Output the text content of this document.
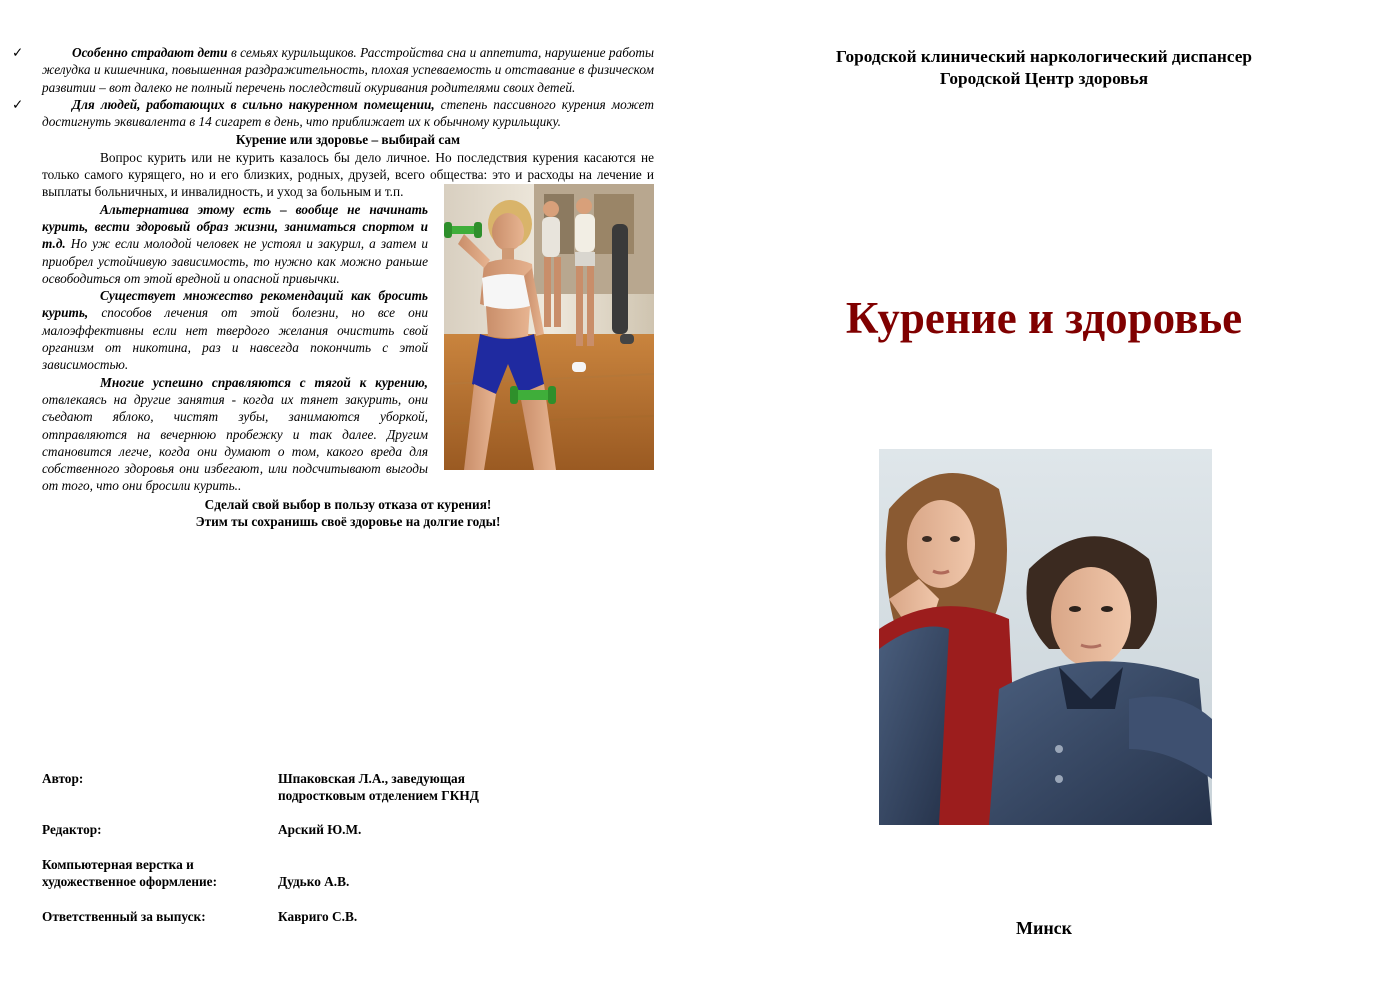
✓	Особенно страдают дети в семьях курильщиков. Расстройства сна и аппетита, нарушение работы желудка и кишечника, повышенная раздражительность, плохая успеваемость и отставание в физическом развитии – вот далеко не полный перечень последствий окуривания родителями своих детей.

✓	Для людей, работающих в сильно накуренном помещении, степень пассивного курения может достигнуть эквивалента в 14 сигарет в день, что приближает их к обычному курильщику.

Курение или здоровье – выбирай сам

Вопрос курить или не курить казалось бы дело личное. Но последствия курения касаются не только самого курящего, но и его близких, родных, друзей, всего общества: это и расходы на лечение и выплаты больничных, и инвалидность, и уход за больным и т.п.

Альтернатива этому есть – вообще не начинать курить, вести здоровый образ жизни, заниматься спортом и т.д. Но уж если молодой человек не устоял и закурил, а затем и приобрел устойчивую зависимость, то нужно как можно раньше освободиться от этой вредной и опасной привычки.

Существует множество рекомендаций как бросить курить, способов лечения от этой болезни, но все они малоэффективны если нет твердого желания очистить свой организм от никотина, раз и навсегда покончить с этой зависимостью.

Многие успешно справляются с тягой к курению, отвлекаясь на другие занятия - когда их тянет закурить, они съедают яблоко, чистят зубы, занимаются уборкой, отправляются на вечернюю пробежку и так далее. Другим становится легче, когда они думают о том, какого вреда для собственного здоровья они избегают, или подсчитывают выгоды от того, что они бросили курить..

Сделай свой выбор в пользу отказа от курения!

Этим ты сохранишь своё здоровье на долгие годы!

Автор:	Шпаковская Л.А., заведующая
подростковым отделением ГКНД
Редактор:	Арский Ю.М.
Компьютерная верстка и
художественное оформление:	Дудько А.В.
Ответственный за выпуск:	Кавриго С.В.
Городской клинический наркологический диспансер
Городской Центр здоровья
Курение и здоровье
Минск
